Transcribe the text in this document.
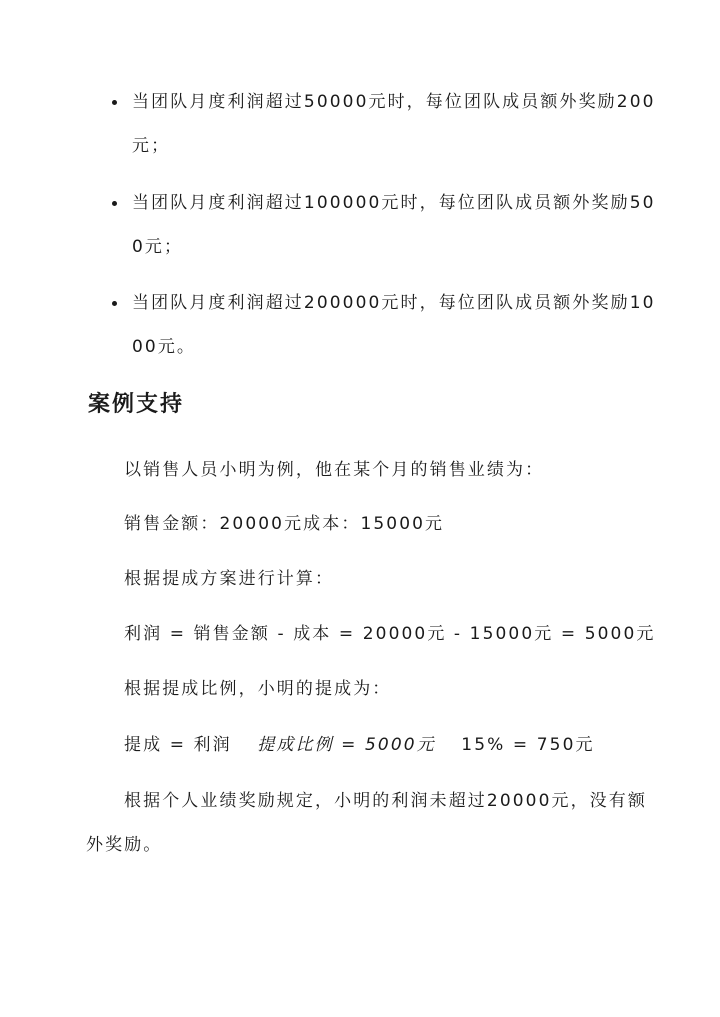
当团队月度利润超过50000元时，每位团队成员额外奖励200
元；
当团队月度利润超过100000元时，每位团队成员额外奖励50
0元；
当团队月度利润超过200000元时，每位团队成员额外奖励10
00元。
案例支持
以销售人员小明为例，他在某个月的销售业绩为：
销售金额：20000元成本：15000元
根据提成方案进行计算：
利润 = 销售金额 - 成本 = 20000元 - 15000元 = 5000元
根据提成比例，小明的提成为：
提成 = 利润 提成比例 = 5000元 15% = 750元
根据个人业绩奖励规定，小明的利润未超过20000元，没有额
外奖励。
